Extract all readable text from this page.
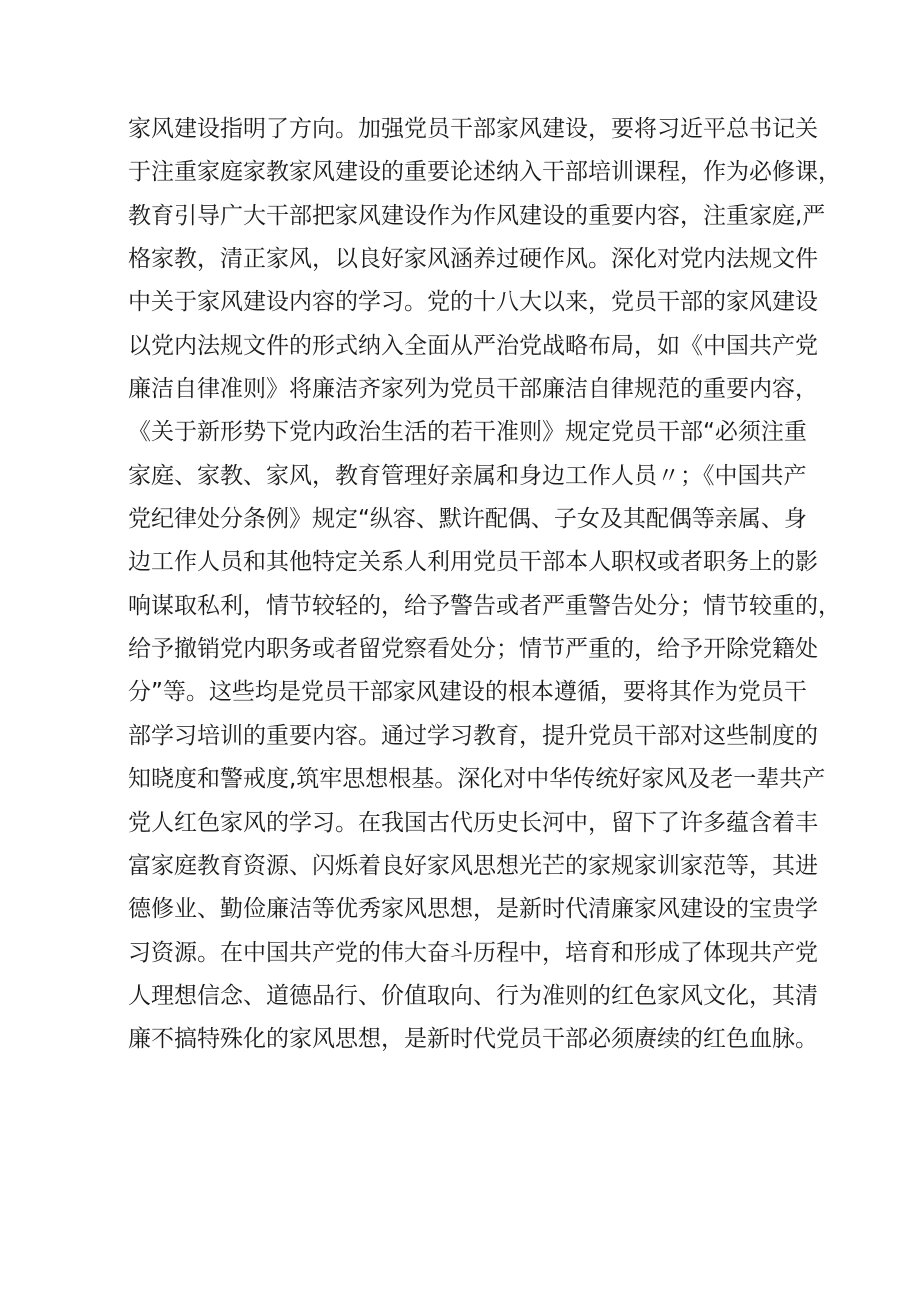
家风建设指明了方向。加强党员干部家风建设，要将习近平总书记关
于注重家庭家教家风建设的重要论述纳入干部培训课程，作为必修课，
教育引导广大干部把家风建设作为作风建设的重要内容，注重家庭,严
格家教，清正家风，以良好家风涵养过硬作风。深化对党内法规文件
中关于家风建设内容的学习。党的十八大以来，党员干部的家风建设
以党内法规文件的形式纳入全面从严治党战略布局，如《中国共产党
廉洁自律准则》将廉洁齐家列为党员干部廉洁自律规范的重要内容，
《关于新形势下党内政治生活的若干准则》规定党员干部“必须注重
家庭、家教、家风，教育管理好亲属和身边工作人员〃；《中国共产
党纪律处分条例》规定“纵容、默许配偶、子女及其配偶等亲属、身
边工作人员和其他特定关系人利用党员干部本人职权或者职务上的影
响谋取私利，情节较轻的，给予警告或者严重警告处分；情节较重的，
给予撤销党内职务或者留党察看处分；情节严重的，给予开除党籍处
分”等。这些均是党员干部家风建设的根本遵循，要将其作为党员干
部学习培训的重要内容。通过学习教育，提升党员干部对这些制度的
知晓度和警戒度,筑牢思想根基。深化对中华传统好家风及老一辈共产
党人红色家风的学习。在我国古代历史长河中，留下了许多蕴含着丰
富家庭教育资源、闪烁着良好家风思想光芒的家规家训家范等，其进
德修业、勤俭廉洁等优秀家风思想，是新时代清廉家风建设的宝贵学
习资源。在中国共产党的伟大奋斗历程中，培育和形成了体现共产党
人理想信念、道德品行、价值取向、行为准则的红色家风文化，其清
廉不搞特殊化的家风思想，是新时代党员干部必须赓续的红色血脉。
